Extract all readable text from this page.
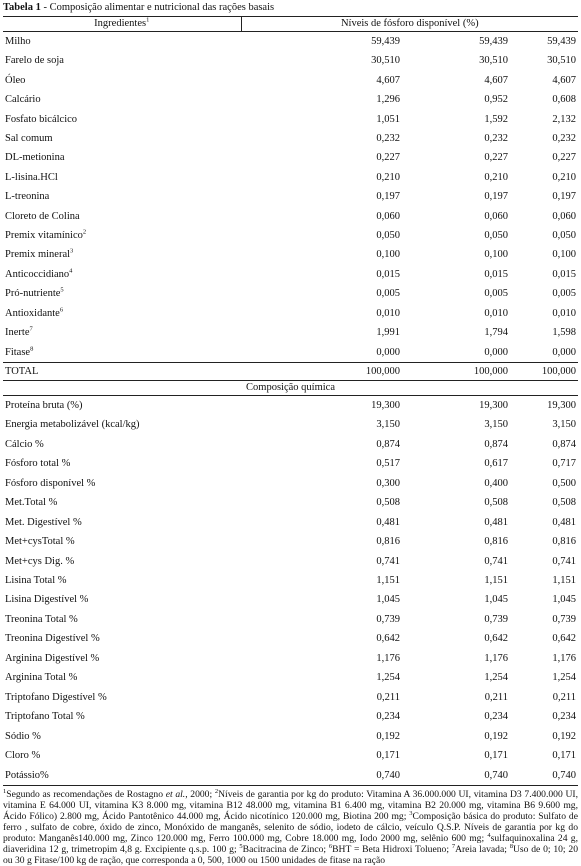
Tabela 1 - Composição alimentar e nutricional das rações basais
Ingredientes$^1$	Níveis de fósforo disponível (%)			
Milho		59,439	59,439	59,439
Farelo de soja		30,510	30,510	30,510
Óleo		4,607	4,607	4,607
Calcário		1,296	0,952	0,608
Fosfato bicálcico		1,051	1,592	2,132
Sal comum		0,232	0,232	0,232
DL-metionina		0,227	0,227	0,227
L-lisina.HCl		0,210	0,210	0,210
L-treonina		0,197	0,197	0,197
Cloreto de Colina		0,060	0,060	0,060
Premix vitamínico$^2$		0,050	0,050	0,050
Premix mineral$^3$		0,100	0,100	0,100
Anticoccidiano$^4$		0,015	0,015	0,015
Pró-nutriente$^5$		0,005	0,005	0,005
Antioxidante$^6$		0,010	0,010	0,010
Inerte$^7$		1,991	1,794	1,598
Fitase$^8$		0,000	0,000	0,000
TOTAL		100,000	100,000	100,000
Composição química				
Proteína bruta (%)		19,300	19,300	19,300
Energia metabolizável (kcal/kg)		3,150	3,150	3,150
Cálcio %		0,874	0,874	0,874
Fósforo total %		0,517	0,617	0,717
Fósforo disponível %		0,300	0,400	0,500
Met.Total %		0,508	0,508	0,508
Met. Digestível %		0,481	0,481	0,481
Met+cysTotal %		0,816	0,816	0,816
Met+cys Dig. %		0,741	0,741	0,741
Lisina Total %		1,151	1,151	1,151
Lisina Digestível %		1,045	1,045	1,045
Treonina Total %		0,739	0,739	0,739
Treonina Digestível %		0,642	0,642	0,642
Arginina Digestível %		1,176	1,176	1,176
Arginina Total %		1,254	1,254	1,254
Triptofano Digestível %		0,211	0,211	0,211
Triptofano Total %		0,234	0,234	0,234
Sódio %		0,192	0,192	0,192
Cloro %		0,171	0,171	0,171
Potássio%		0,740	0,740	0,740
$^1$Segundo as recomendações de Rostagno et al., 2000; $^2$Níveis de garantia por kg do produto: Vitamina A 36.000.000 UI, vitamina D3 7.400.000 UI, vitamina E 64.000 UI, vitamina K3 8.000 mg, vitamina B12 48.000 mg, vitamina B1 6.400 mg, vitamina B2 20.000 mg, vitamina B6 9.600 mg, Ácido Fólico) 2.800 mg, Ácido Pantotênico 44.000 mg, Ácido nicotínico 120.000 mg, Biotina 200 mg; $^3$Composição básica do produto: Sulfato de ferro , sulfato de cobre, óxido de zinco, Monóxido de manganês, selenito de sódio, iodeto de cálcio, veículo Q.S.P. Níveis de garantia por kg do produto: Manganês140.000 mg, Zinco 120.000 mg, Ferro 100.000 mg, Cobre 18.000 mg, Iodo 2000 mg, selênio 600 mg; $^4$sulfaquinoxalina 24 g, diaveridina 12 g, trimetropim 4,8 g. Excipiente q.s.p. 100 g; $^5$Bacitracina de Zinco; $^6$BHT = Beta Hidroxi Tolueno; $^7$Areia lavada; $^8$Uso de 0; 10; 20 ou 30 g Fitase/100 kg de ração, que corresponda a 0, 500, 1000 ou 1500 unidades de fitase na ração
